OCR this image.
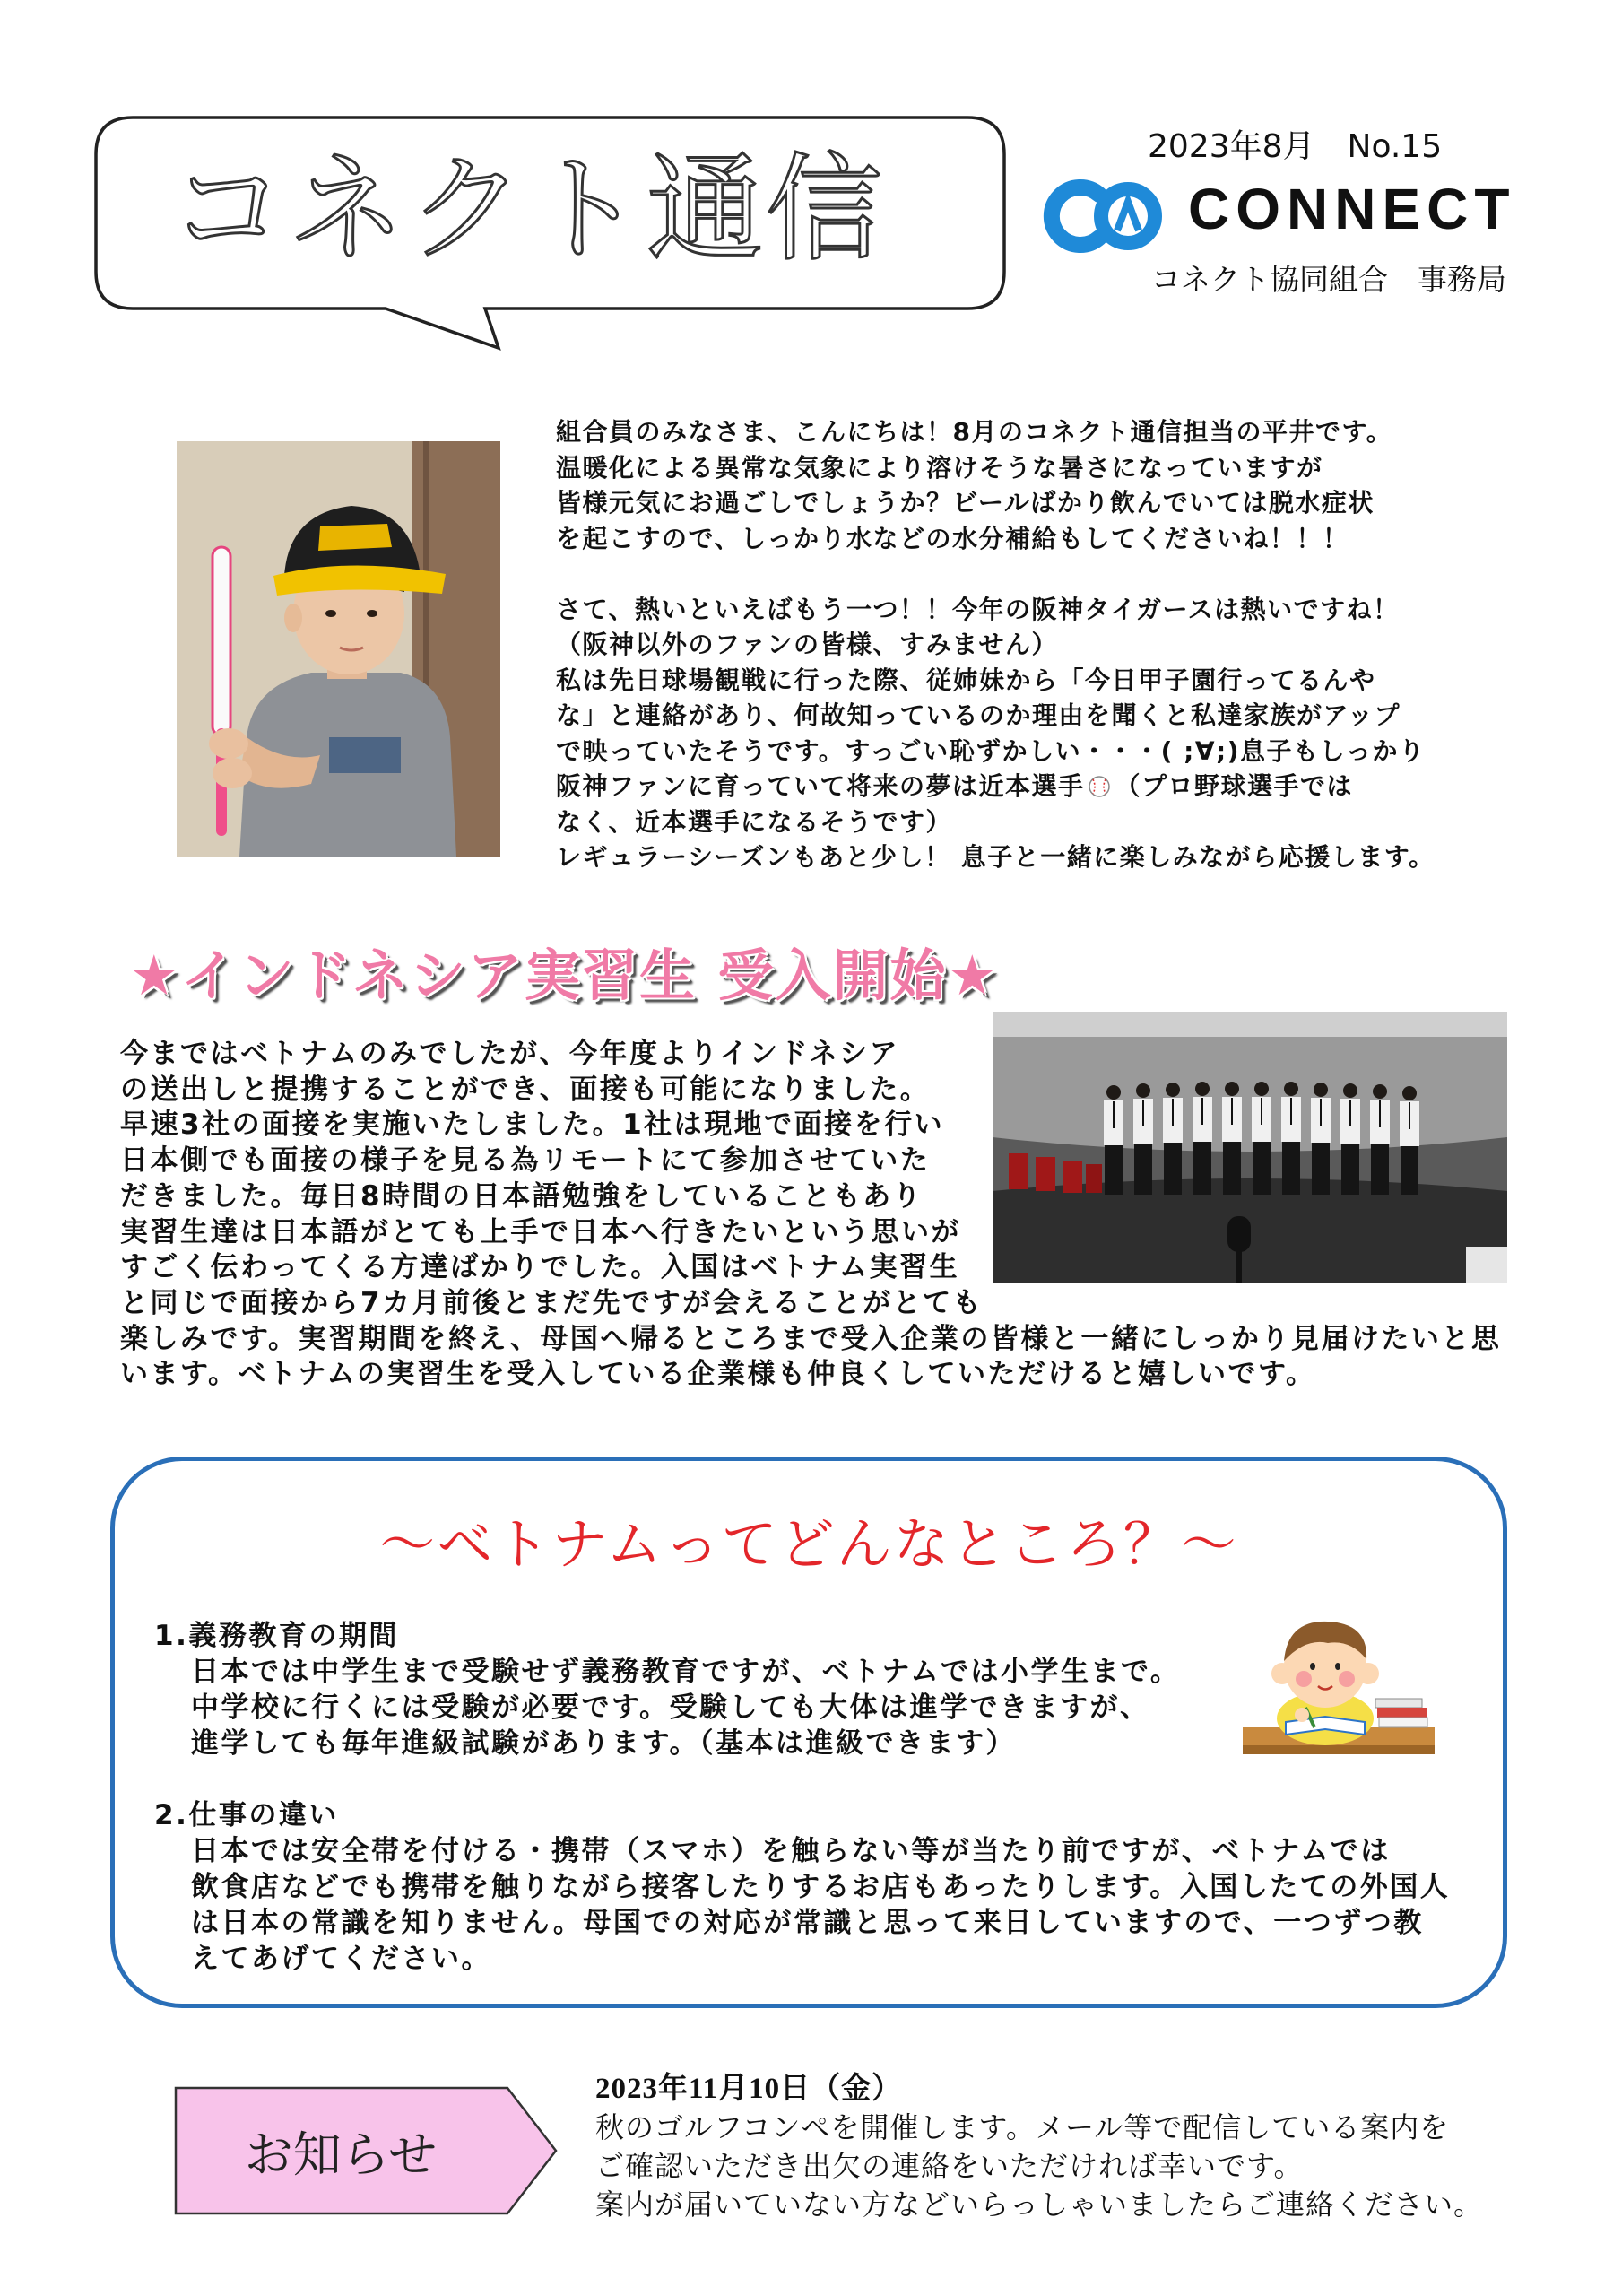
コネクト通信	2023年8月　No.15
CONNECT
コネクト協同組合　事務局
組合員のみなさま、こんにちは！8月のコネクト通信担当の平井です。
温暖化による異常な気象により溶けそうな暑さになっていますが
皆様元気にお過ごしでしょうか？ビールばかり飲んでいては脱水症状
を起こすので、しっかり水などの水分補給もしてくださいね！！！
さて、熱いといえばもう一つ！！今年の阪神タイガースは熱いですね！
（阪神以外のファンの皆様、すみません）
私は先日球場観戦に行った際、従姉妹から「今日甲子園行ってるんや
な」と連絡があり、何故知っているのか理由を聞くと私達家族がアップ
で映っていたそうです。すっごい恥ずかしい・・・( ;∀;)息子もしっかり
阪神ファンに育っていて将来の夢は近本選手 （プロ野球選手では
なく、近本選手になるそうです）
レギュラーシーズンもあと少し！ 息子と一緒に楽しみながら応援します。
★インドネシア実習生 受入開始★
今まではベトナムのみでしたが、今年度よりインドネシア
の送出しと提携することができ、面接も可能になりました。
早速3社の面接を実施いたしました。1社は現地で面接を行い
日本側でも面接の様子を見る為リモートにて参加させていた
だきました。毎日8時間の日本語勉強をしていることもあり
実習生達は日本語がとても上手で日本へ行きたいという思いが
すごく伝わってくる方達ばかりでした。入国はベトナム実習生
と同じで面接から7カ月前後とまだ先ですが会えることがとても
楽しみです。実習期間を終え、母国へ帰るところまで受入企業の皆様と一緒にしっかり見届けたいと思
います。ベトナムの実習生を受入している企業様も仲良くしていただけると嬉しいです。
～ベトナムってどんなところ？～
1.義務教育の期間
日本では中学生まで受験せず義務教育ですが、ベトナムでは小学生まで。
中学校に行くには受験が必要です。受験しても大体は進学できますが、
進学しても毎年進級試験があります。（基本は進級できます）
2.仕事の違い
日本では安全帯を付ける・携帯（スマホ）を触らない等が当たり前ですが、ベトナムでは
飲食店などでも携帯を触りながら接客したりするお店もあったりします。入国したての外国人
は日本の常識を知りません。母国での対応が常識と思って来日していますので、一つずつ教
えてあげてください。
お知らせ
2023年11月10日（金）
秋のゴルフコンペを開催します。メール等で配信している案内を
ご確認いただき出欠の連絡をいただければ幸いです。
案内が届いていない方などいらっしゃいましたらご連絡ください。
